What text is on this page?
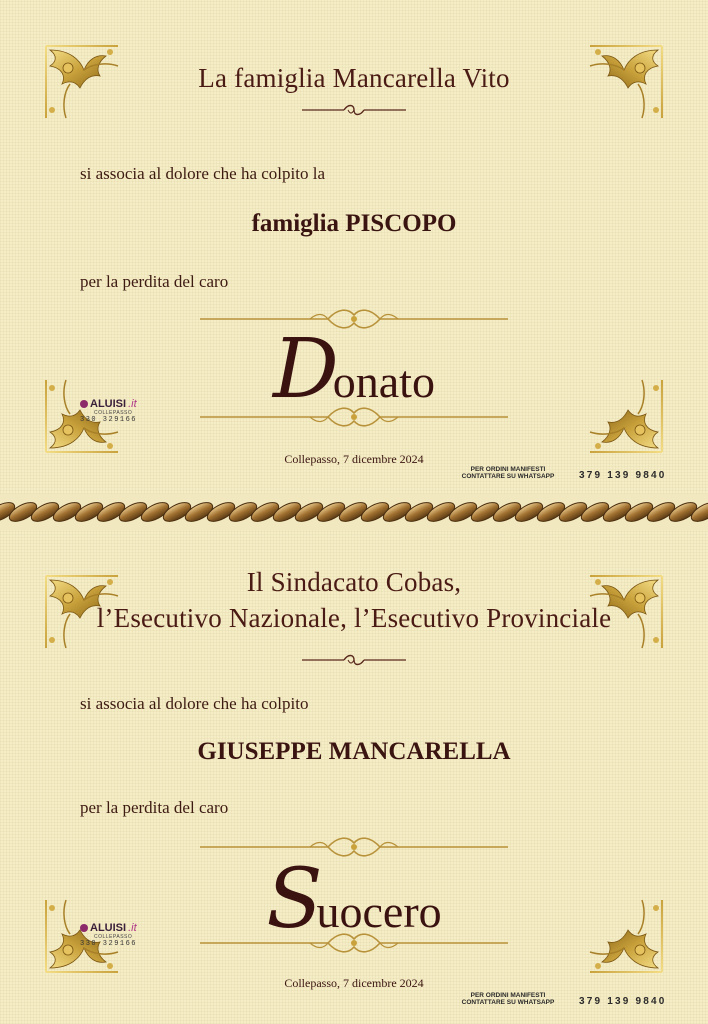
La famiglia Mancarella Vito
si associa al dolore che ha colpito la
famiglia PISCOPO
per la perdita del caro
Donato
Collepasso, 7 dicembre 2024
ALUISI .it
COLLEPASSO
330 329166
PER ORDINI MANIFESTI
CONTATTARE SU WHATSAPP	379 139 9840
Il Sindacato Cobas,
l’Esecutivo Nazionale, l’Esecutivo Provinciale
si associa al dolore che ha colpito
GIUSEPPE MANCARELLA
per la perdita del caro
Suocero
Collepasso, 7 dicembre 2024
ALUISI .it
COLLEPASSO
330 329166
PER ORDINI MANIFESTI
CONTATTARE SU WHATSAPP	379 139 9840
